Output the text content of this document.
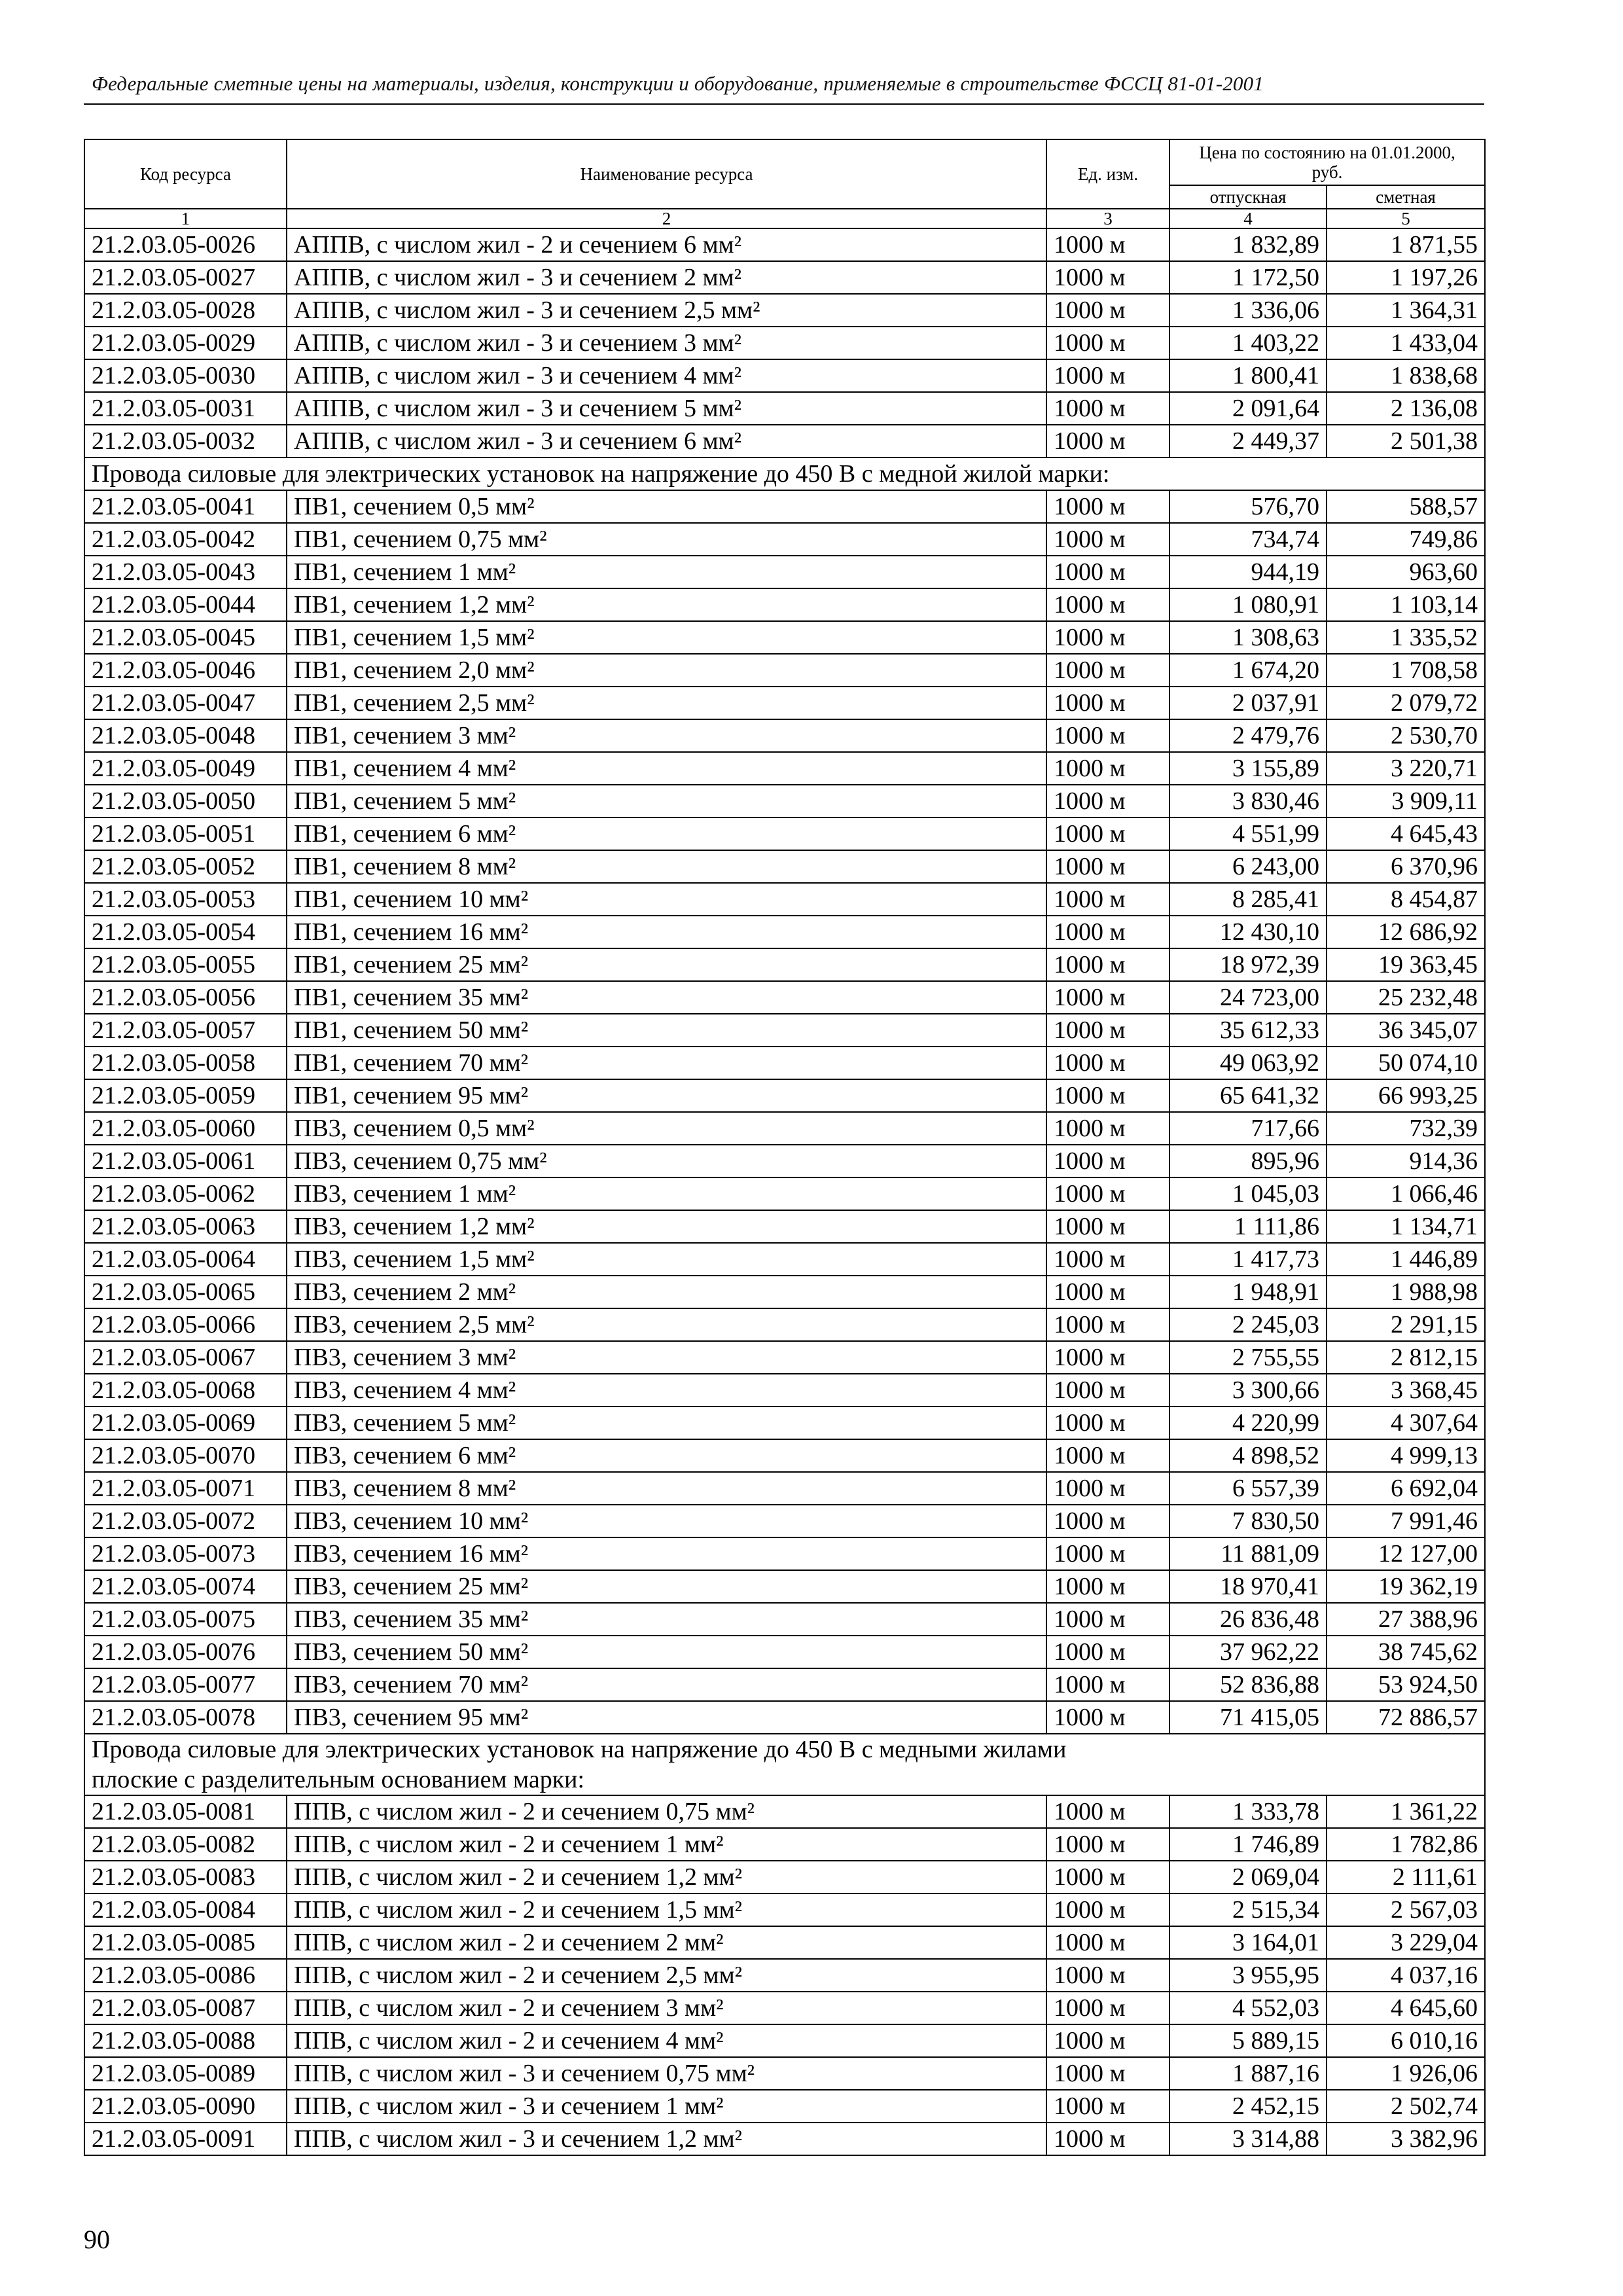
Федеральные сметные цены на материалы, изделия, конструкции и оборудование, применяемые в строительстве ФССЦ 81-01-2001
Код ресурса	Наименование ресурса	Ед. изм.	Цена по состоянию на 01.01.2000, руб.	
			отпускная	сметная
1	2	3	4	5
21.2.03.05-0026	АППВ, с числом жил - 2 и сечением 6 мм²	1000 м	1 832,89	1 871,55
21.2.03.05-0027	АППВ, с числом жил - 3 и сечением 2 мм²	1000 м	1 172,50	1 197,26
21.2.03.05-0028	АППВ, с числом жил - 3 и сечением 2,5 мм²	1000 м	1 336,06	1 364,31
21.2.03.05-0029	АППВ, с числом жил - 3 и сечением 3 мм²	1000 м	1 403,22	1 433,04
21.2.03.05-0030	АППВ, с числом жил - 3 и сечением 4 мм²	1000 м	1 800,41	1 838,68
21.2.03.05-0031	АППВ, с числом жил - 3 и сечением 5 мм²	1000 м	2 091,64	2 136,08
21.2.03.05-0032	АППВ, с числом жил - 3 и сечением 6 мм²	1000 м	2 449,37	2 501,38

Провода силовые для электрических установок на напряжение до 450 В с медной жилой марки:				

21.2.03.05-0041	ПВ1, сечением 0,5 мм²	1000 м	576,70	588,57
21.2.03.05-0042	ПВ1, сечением 0,75 мм²	1000 м	734,74	749,86
21.2.03.05-0043	ПВ1, сечением 1 мм²	1000 м	944,19	963,60
21.2.03.05-0044	ПВ1, сечением 1,2 мм²	1000 м	1 080,91	1 103,14
21.2.03.05-0045	ПВ1, сечением 1,5 мм²	1000 м	1 308,63	1 335,52
21.2.03.05-0046	ПВ1, сечением 2,0 мм²	1000 м	1 674,20	1 708,58
21.2.03.05-0047	ПВ1, сечением 2,5 мм²	1000 м	2 037,91	2 079,72
21.2.03.05-0048	ПВ1, сечением 3 мм²	1000 м	2 479,76	2 530,70
21.2.03.05-0049	ПВ1, сечением 4 мм²	1000 м	3 155,89	3 220,71
21.2.03.05-0050	ПВ1, сечением 5 мм²	1000 м	3 830,46	3 909,11
21.2.03.05-0051	ПВ1, сечением 6 мм²	1000 м	4 551,99	4 645,43
21.2.03.05-0052	ПВ1, сечением 8 мм²	1000 м	6 243,00	6 370,96
21.2.03.05-0053	ПВ1, сечением 10 мм²	1000 м	8 285,41	8 454,87
21.2.03.05-0054	ПВ1, сечением 16 мм²	1000 м	12 430,10	12 686,92
21.2.03.05-0055	ПВ1, сечением 25 мм²	1000 м	18 972,39	19 363,45
21.2.03.05-0056	ПВ1, сечением 35 мм²	1000 м	24 723,00	25 232,48
21.2.03.05-0057	ПВ1, сечением 50 мм²	1000 м	35 612,33	36 345,07
21.2.03.05-0058	ПВ1, сечением 70 мм²	1000 м	49 063,92	50 074,10
21.2.03.05-0059	ПВ1, сечением 95 мм²	1000 м	65 641,32	66 993,25
21.2.03.05-0060	ПВ3, сечением 0,5 мм²	1000 м	717,66	732,39
21.2.03.05-0061	ПВ3, сечением 0,75 мм²	1000 м	895,96	914,36
21.2.03.05-0062	ПВ3, сечением 1 мм²	1000 м	1 045,03	1 066,46
21.2.03.05-0063	ПВ3, сечением 1,2 мм²	1000 м	1 111,86	1 134,71
21.2.03.05-0064	ПВ3, сечением 1,5 мм²	1000 м	1 417,73	1 446,89
21.2.03.05-0065	ПВ3, сечением 2 мм²	1000 м	1 948,91	1 988,98
21.2.03.05-0066	ПВ3, сечением 2,5 мм²	1000 м	2 245,03	2 291,15
21.2.03.05-0067	ПВ3, сечением 3 мм²	1000 м	2 755,55	2 812,15
21.2.03.05-0068	ПВ3, сечением 4 мм²	1000 м	3 300,66	3 368,45
21.2.03.05-0069	ПВ3, сечением 5 мм²	1000 м	4 220,99	4 307,64
21.2.03.05-0070	ПВ3, сечением 6 мм²	1000 м	4 898,52	4 999,13
21.2.03.05-0071	ПВ3, сечением 8 мм²	1000 м	6 557,39	6 692,04
21.2.03.05-0072	ПВ3, сечением 10 мм²	1000 м	7 830,50	7 991,46
21.2.03.05-0073	ПВ3, сечением 16 мм²	1000 м	11 881,09	12 127,00
21.2.03.05-0074	ПВ3, сечением 25 мм²	1000 м	18 970,41	19 362,19
21.2.03.05-0075	ПВ3, сечением 35 мм²	1000 м	26 836,48	27 388,96
21.2.03.05-0076	ПВ3, сечением 50 мм²	1000 м	37 962,22	38 745,62
21.2.03.05-0077	ПВ3, сечением 70 мм²	1000 м	52 836,88	53 924,50
21.2.03.05-0078	ПВ3, сечением 95 мм²	1000 м	71 415,05	72 886,57

Провода силовые для электрических установок на напряжение до 450 В с медными жилами
плоские с разделительным основанием марки:				

21.2.03.05-0081	ППВ, с числом жил - 2 и сечением 0,75 мм²	1000 м	1 333,78	1 361,22
21.2.03.05-0082	ППВ, с числом жил - 2 и сечением 1 мм²	1000 м	1 746,89	1 782,86
21.2.03.05-0083	ППВ, с числом жил - 2 и сечением 1,2 мм²	1000 м	2 069,04	2 111,61
21.2.03.05-0084	ППВ, с числом жил - 2 и сечением 1,5 мм²	1000 м	2 515,34	2 567,03
21.2.03.05-0085	ППВ, с числом жил - 2 и сечением 2 мм²	1000 м	3 164,01	3 229,04
21.2.03.05-0086	ППВ, с числом жил - 2 и сечением 2,5 мм²	1000 м	3 955,95	4 037,16
21.2.03.05-0087	ППВ, с числом жил - 2 и сечением 3 мм²	1000 м	4 552,03	4 645,60
21.2.03.05-0088	ППВ, с числом жил - 2 и сечением 4 мм²	1000 м	5 889,15	6 010,16
21.2.03.05-0089	ППВ, с числом жил - 3 и сечением 0,75 мм²	1000 м	1 887,16	1 926,06
21.2.03.05-0090	ППВ, с числом жил - 3 и сечением 1 мм²	1000 м	2 452,15	2 502,74
21.2.03.05-0091	ППВ, с числом жил - 3 и сечением 1,2 мм²	1000 м	3 314,88	3 382,96
90
